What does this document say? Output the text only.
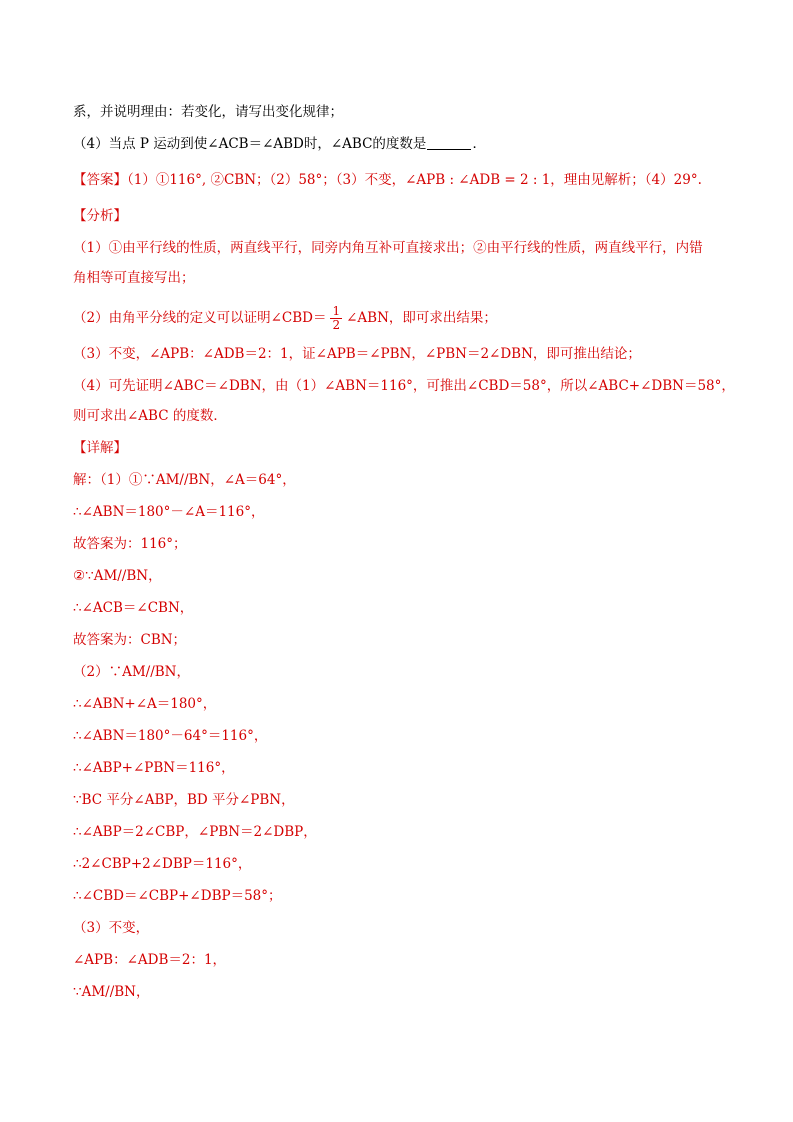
系，并说明理由：若变化，请写出变化规律；
（4）当点 P 运动到使∠ACB＝∠ABD时，∠ABC的度数是	．
【答案】（1）①116°, ②CBN；（2）58°；（3）不变，∠APB : ∠ADB = 2 : 1，理由见解析；（4）29°.
【分析】
（1）①由平行线的性质，两直线平行，同旁内角互补可直接求出；②由平行线的性质，两直线平行，内错
角相等可直接写出；
（2）由角平分线的定义可以证明∠CBD＝ $\frac{1}{2}$ ∠ABN，即可求出结果；
（3）不变，∠APB：∠ADB＝2：1，证∠APB＝∠PBN，∠PBN＝2∠DBN，即可推出结论；
（4）可先证明∠ABC＝∠DBN，由（1）∠ABN＝116°，可推出∠CBD＝58°，所以∠ABC+∠DBN＝58°，
则可求出∠ABC 的度数．
【详解】
解：（1）①∵AM//BN，∠A＝64°，
∴∠ABN＝180°－∠A＝116°，
故答案为：116°；
②∵AM//BN，
∴∠ACB＝∠CBN，
故答案为：CBN；
（2）∵AM//BN，
∴∠ABN+∠A＝180°，
∴∠ABN＝180°－64°＝116°，
∴∠ABP+∠PBN＝116°，
∵BC 平分∠ABP，BD 平分∠PBN，
∴∠ABP＝2∠CBP，∠PBN＝2∠DBP，
∴2∠CBP+2∠DBP＝116°，
∴∠CBD＝∠CBP+∠DBP＝58°；
（3）不变，
∠APB：∠ADB＝2：1，
∵AM//BN，
